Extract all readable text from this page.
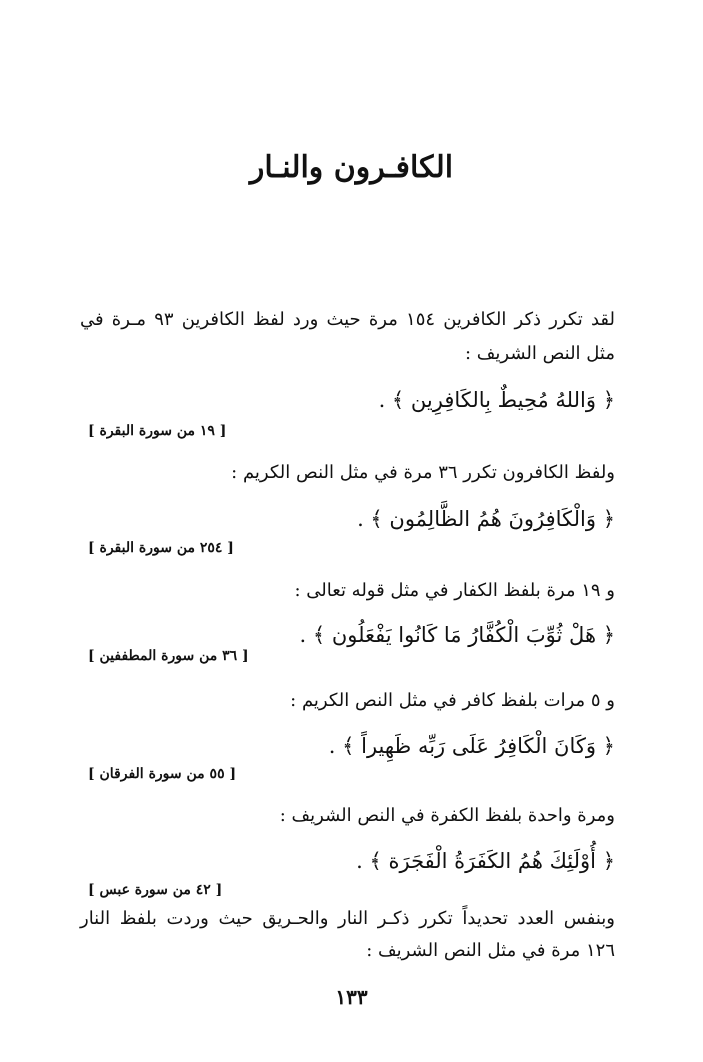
الكافـرون والنـار
لقد تكرر ذكر الكافرين ١٥٤ مرة حيث ورد لفظ الكافرين ٩٣ مـرة في
مثل النص الشريف :
﴿ وَاللهُ مُحِيطٌ بِالكَافِرِين ﴾ .
[ ١٩ من سورة البقرة ]
ولفظ الكافرون تكرر ٣٦ مرة في مثل النص الكريم :
﴿ وَالْكَافِرُونَ هُمُ الظَّالِمُون ﴾ .
[ ٢٥٤ من سورة البقرة ]
و ١٩ مرة بلفظ الكفار في مثل قوله تعالى :
﴿ هَلْ ثُوِّبَ الْكُفَّارُ مَا كَانُوا يَفْعَلُون ﴾ .
[ ٣٦ من سورة المطففين ]
و ٥ مرات بلفظ كافر في مثل النص الكريم :
﴿ وَكَانَ الْكَافِرُ عَلَى رَبِّه ظَهِيراً ﴾ .
[ ٥٥ من سورة الفرقان ]
ومرة واحدة بلفظ الكفرة في النص الشريف :
﴿ أُوْلَئِكَ هُمُ الكَفَرَةُ الْفَجَرَة ﴾ .
[ ٤٢ من سورة عبس ]
وبنفس العدد تحديداً تكرر ذكـر النار والحـريق حيث وردت بلفظ النار
١٢٦ مرة في مثل النص الشريف :
١٣٣
